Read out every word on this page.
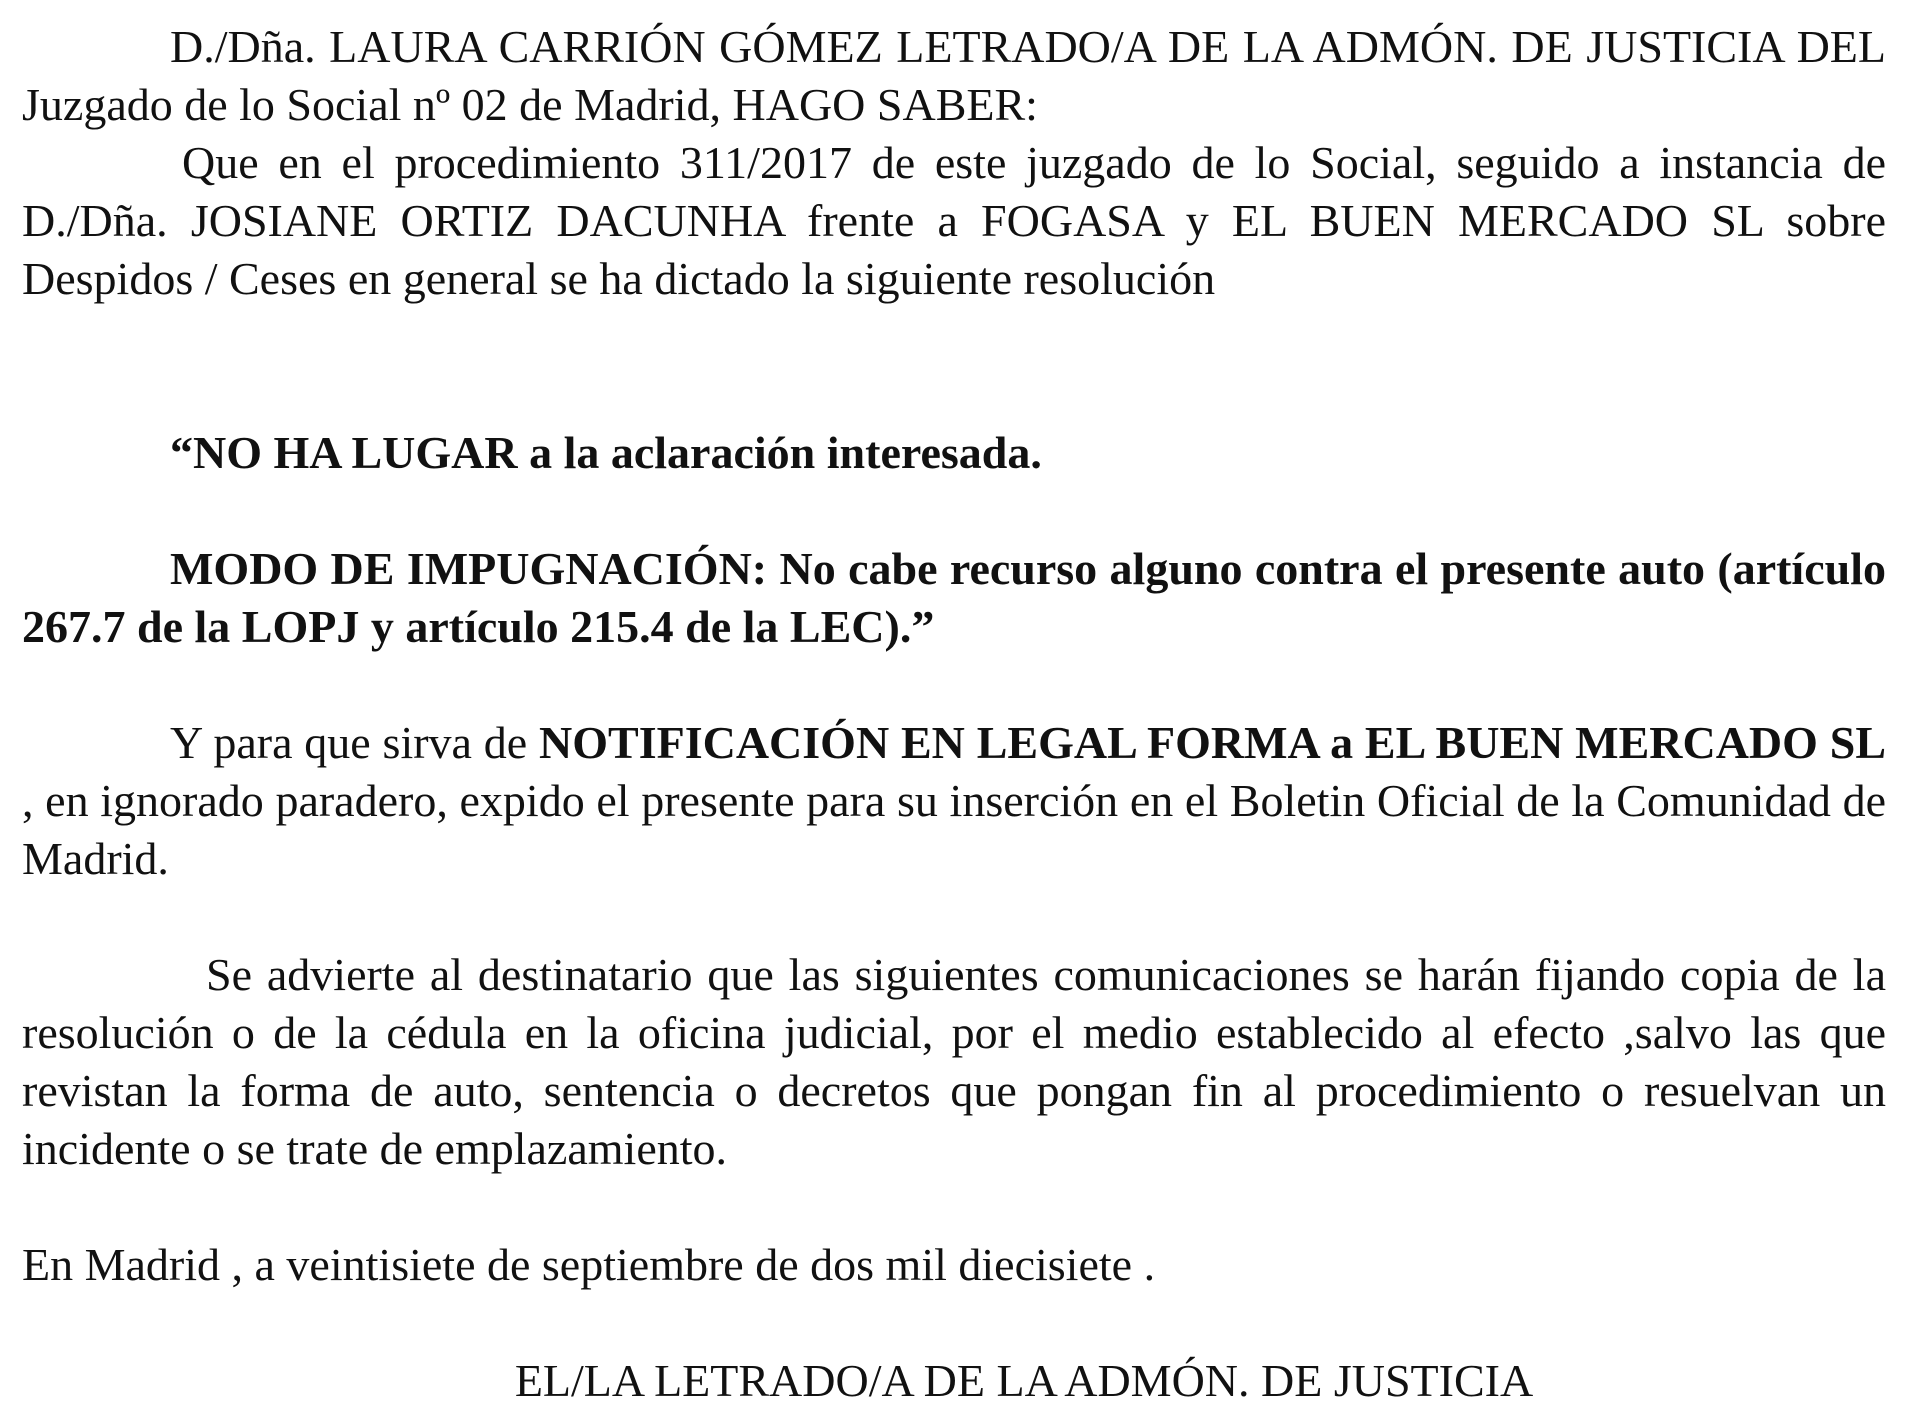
D./Dña. LAURA CARRIÓN GÓMEZ LETRADO/A DE LA ADMÓN. DE JUSTICIA DEL Juzgado de lo Social nº 02 de Madrid, HAGO SABER:

Que en el procedimiento 311/2017 de este juzgado de lo Social, seguido a instancia de D./Dña. JOSIANE ORTIZ DACUNHA frente a FOGASA y EL BUEN MERCADO SL sobre Despidos / Ceses en general se ha dictado la siguiente resolución

“NO HA LUGAR a la aclaración interesada.

MODO DE IMPUGNACIÓN: No cabe recurso alguno contra el presente auto (artículo 267.7 de la LOPJ y artículo 215.4 de la LEC).”

Y para que sirva de NOTIFICACIÓN EN LEGAL FORMA a EL BUEN MERCADO SL , en ignorado paradero, expido el presente para su inserción en el Boletin Oficial de la Comunidad de Madrid.

Se advierte al destinatario que las siguientes comunicaciones se harán fijando copia de la resolución o de la cédula en la oficina judicial, por el medio establecido al efecto ,salvo las que revistan la forma de auto, sentencia o decretos que pongan fin al procedimiento o resuelvan un incidente o se trate de emplazamiento.

En Madrid , a veintisiete de septiembre de dos mil diecisiete .

EL/LA LETRADO/A DE LA ADMÓN. DE JUSTICIA
